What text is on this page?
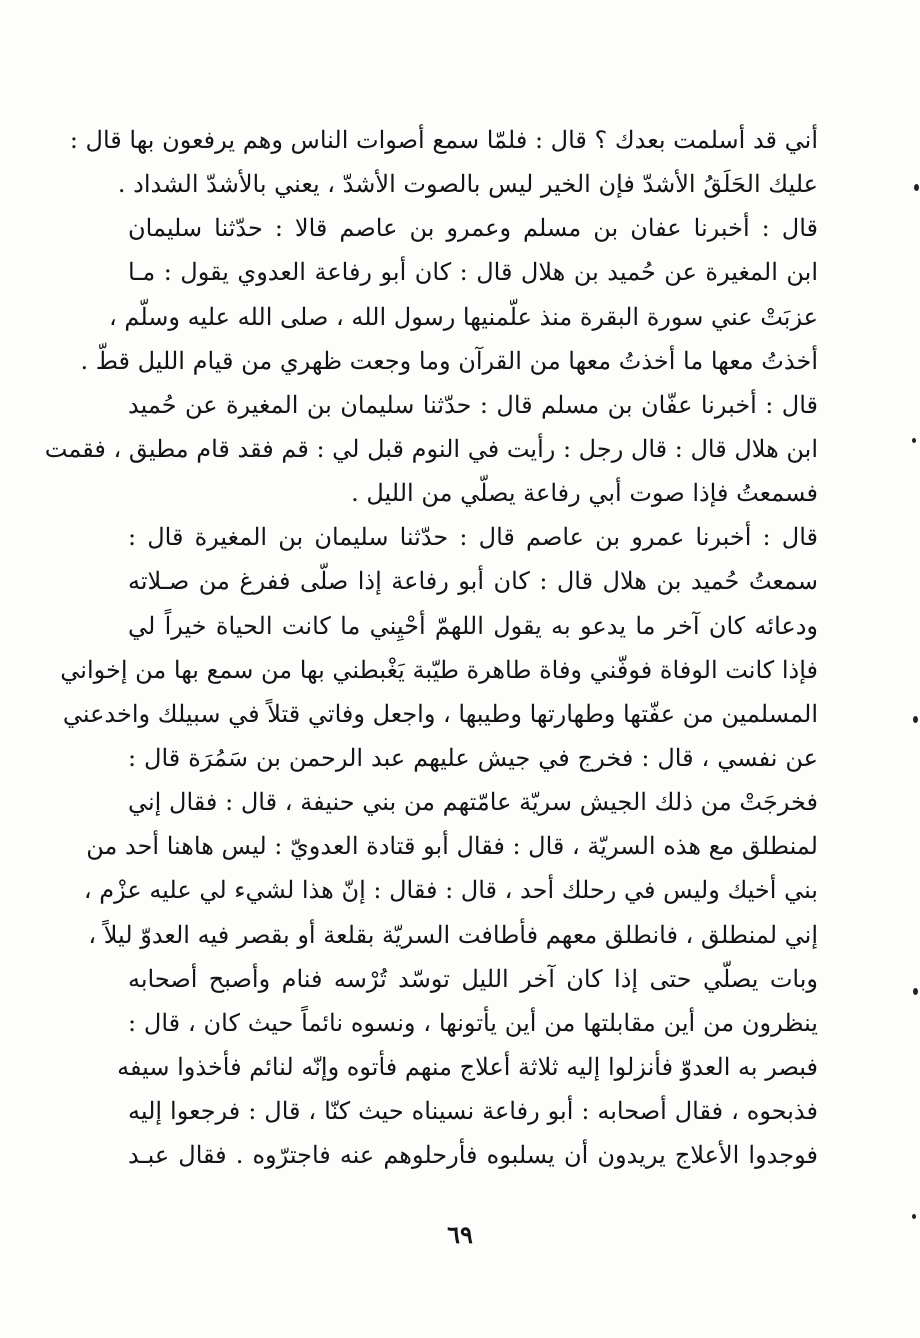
أني قد أسلمت بعدك ؟ قال : فلمّا سمع أصوات الناس وهم يرفعون بها قال :
عليك الحَلَقُ الأشدّ فإن الخير ليس بالصوت الأشدّ ، يعني بالأشدّ الشداد .
قال : أخبرنا عفان بن مسلم وعمرو بن عاصم قالا : حدّثنا سليمان
ابن المغيرة عن حُميد بن هلال قال : كان أبو رفاعة العدوي يقول : مـا
عزبَتْ عني سورة البقرة منذ علّمنيها رسول الله ، صلى الله عليه وسلّم ،
أخذتُ معها ما أخذتُ معها من القرآن وما وجعت ظهري من قيام الليل قطّ .
قال : أخبرنا عفّان بن مسلم قال : حدّثنا سليمان بن المغيرة عن حُميد
ابن هلال قال : قال رجل : رأيت في النوم قبل لي : قم فقد قام مطيق ، فقمت
فسمعتُ فإذا صوت أبي رفاعة يصلّي من الليل .
قال : أخبرنا عمرو بن عاصم قال : حدّثنا سليمان بن المغيرة قال :
سمعتُ حُميد بن هلال قال : كان أبو رفاعة إذا صلّى ففرغ من صـلاته
ودعائه كان آخر ما يدعو به يقول اللهمّ أحْيِني ما كانت الحياة خيراً لي
فإذا كانت الوفاة فوفّني وفاة طاهرة طيّبة يَغْبطني بها من سمع بها من إخواني
المسلمين من عفّتها وطهارتها وطيبها ، واجعل وفاتي قتلاً في سبيلك واخدعني
عن نفسي ، قال : فخرج في جيش عليهم عبد الرحمن بن سَمُرَة قال :
فخرجَتْ من ذلك الجيش سريّة عامّتهم من بني حنيفة ، قال : فقال إني
لمنطلق مع هذه السريّة ، قال : فقال أبو قتادة العدويّ : ليس هاهنا أحد من
بني أخيك وليس في رحلك أحد ، قال : فقال : إنّ هذا لشيء لي عليه عزْم ،
إني لمنطلق ، فانطلق معهم فأطافت السريّة بقلعة أو بقصر فيه العدوّ ليلاً ،
وبات يصلّي حتى إذا كان آخر الليل توسّد تُرْسه فنام وأصبح أصحابه
ينظرون من أين مقابلتها من أين يأتونها ، ونسوه نائماً حيث كان ، قال :
فبصر به العدوّ فأنزلوا إليه ثلاثة أعلاج منهم فأتوه وإنّه لنائم فأخذوا سيفه
فذبحوه ، فقال أصحابه : أبو رفاعة نسيناه حيث كنّا ، قال : فرجعوا إليه
فوجدوا الأعلاج يريدون أن يسلبوه فأرحلوهم عنه فاجترّوه . فقال عبـد
٦٩
